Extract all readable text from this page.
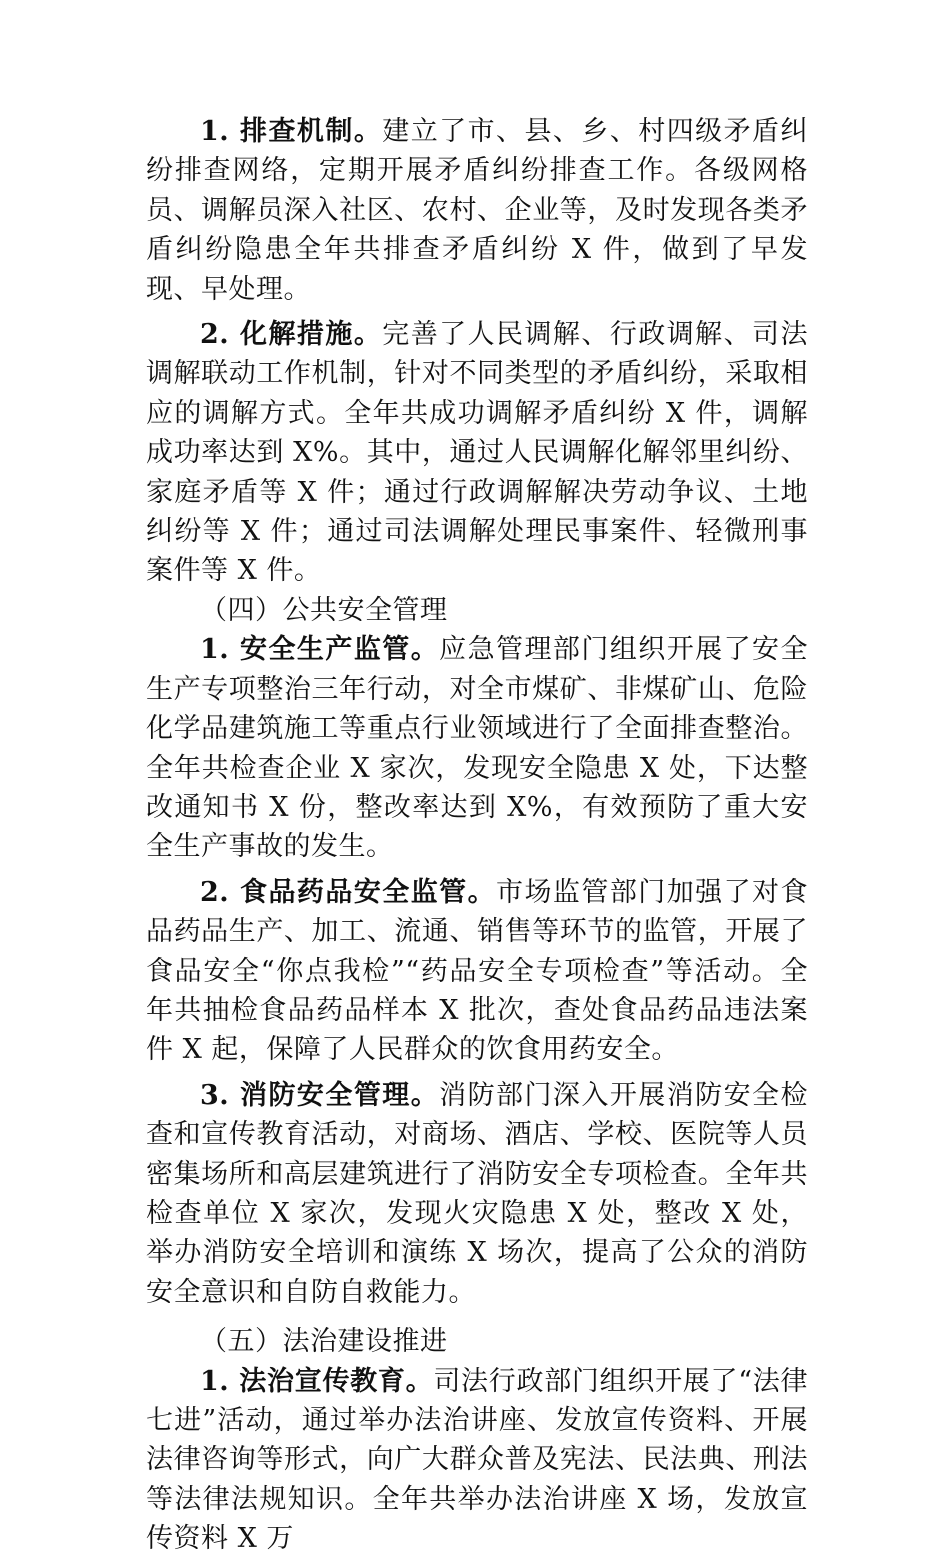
1. 排查机制。建立了市、县、乡、村四级矛盾纠纷排查网络，定期开展矛盾纠纷排查工作。各级网格员、调解员深入社区、农村、企业等，及时发现各类矛盾纠纷隐患全年共排查矛盾纠纷 X 件，做到了早发现、早处理。

2. 化解措施。完善了人民调解、行政调解、司法调解联动工作机制，针对不同类型的矛盾纠纷，采取相应的调解方式。全年共成功调解矛盾纠纷 X 件，调解成功率达到 X%。其中，通过人民调解化解邻里纠纷、家庭矛盾等 X 件；通过行政调解解决劳动争议、土地纠纷等 X 件；通过司法调解处理民事案件、轻微刑事案件等 X 件。

（四）公共安全管理

1. 安全生产监管。应急管理部门组织开展了安全生产专项整治三年行动，对全市煤矿、非煤矿山、危险化学品建筑施工等重点行业领域进行了全面排查整治。全年共检查企业 X 家次，发现安全隐患 X 处，下达整改通知书 X 份，整改率达到 X%，有效预防了重大安全生产事故的发生。

2. 食品药品安全监管。市场监管部门加强了对食品药品生产、加工、流通、销售等环节的监管，开展了食品安全“你点我检”“药品安全专项检查”等活动。全年共抽检食品药品样本 X 批次，查处食品药品违法案件 X 起，保障了人民群众的饮食用药安全。

3. 消防安全管理。消防部门深入开展消防安全检查和宣传教育活动，对商场、酒店、学校、医院等人员密集场所和高层建筑进行了消防安全专项检查。全年共检查单位 X 家次，发现火灾隐患 X 处，整改 X 处，举办消防安全培训和演练 X 场次，提高了公众的消防安全意识和自防自救能力。

（五）法治建设推进

1. 法治宣传教育。司法行政部门组织开展了“法律七进”活动，通过举办法治讲座、发放宣传资料、开展法律咨询等形式，向广大群众普及宪法、民法典、刑法等法律法规知识。全年共举办法治讲座 X 场，发放宣传资料 X 万
